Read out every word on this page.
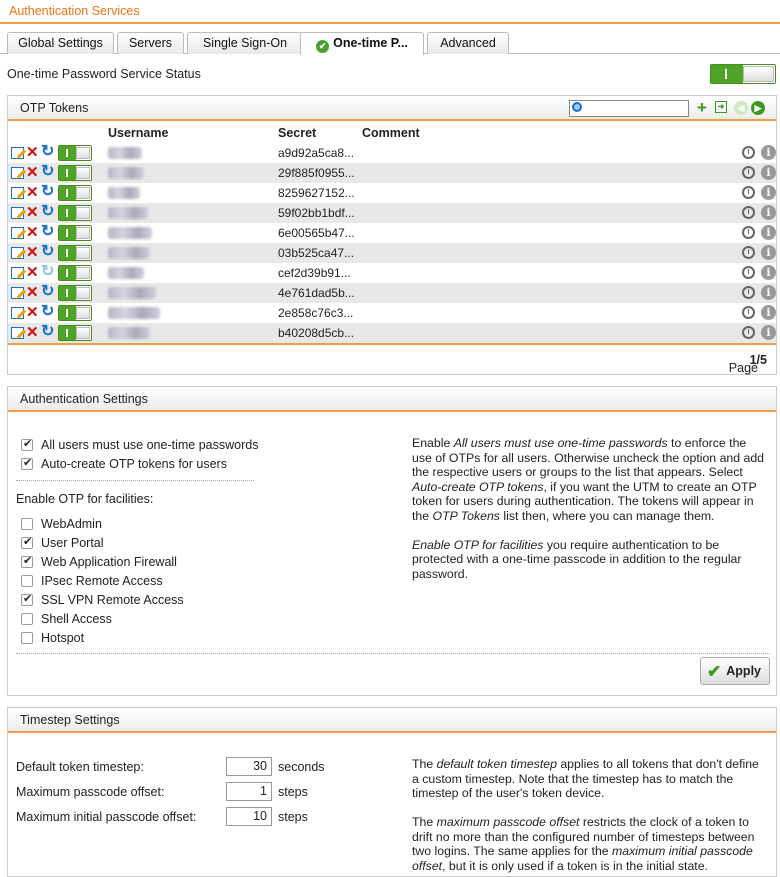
Authentication Services
Global Settings	Servers	Single Sign-On	✔ One-time P...	Advanced
One-time Password Service Status
OTP Tokens	+	➜	◀	▶
Username	Secret	Comment
✕ ↻	a9d92a5ca8...	i
✕ ↻	29f885f0955...	i
✕ ↻	8259627152...	i
✕ ↻	59f02bb1bdf...	i
✕ ↻	6e00565b47...	i
✕ ↻	03b525ca47...	i
✕ ↻	cef2d39b91...	i
✕ ↻	4e761dad5b...	i
✕ ↻	2e858c76c3...	i
✕ ↻	b40208d5cb...	i
Page
1/5
Authentication Settings
✔
All users must use one-time passwords
✔
Auto-create OTP tokens for users
Enable OTP for facilities:
Enable All users must use one-time passwords to enforce the use of OTPs for all users. Otherwise uncheck the option and add the respective users or groups to the list that appears. Select Auto-create OTP tokens, if you want the UTM to create an OTP token for users during authentication. The tokens will appear in the OTP Tokens list then, where you can manage them.

Enable OTP for facilities you require authentication to be protected with a one-time passcode in addition to the regular password.
✔ Apply
WebAdmin
✔
User Portal
✔
Web Application Firewall
IPsec Remote Access
✔
SSL VPN Remote Access
Shell Access
Hotspot
Timestep Settings
Default token timestep:	30 seconds
Maximum passcode offset:	1 steps
Maximum initial passcode offset:	10 steps
The default token timestep applies to all tokens that don't define a custom timestep. Note that the timestep has to match the timestep of the user's token device.

The maximum passcode offset restricts the clock of a token to drift no more than the configured number of timesteps between two logins. The same applies for the maximum initial passcode offset, but it is only used if a token is in the initial state.
